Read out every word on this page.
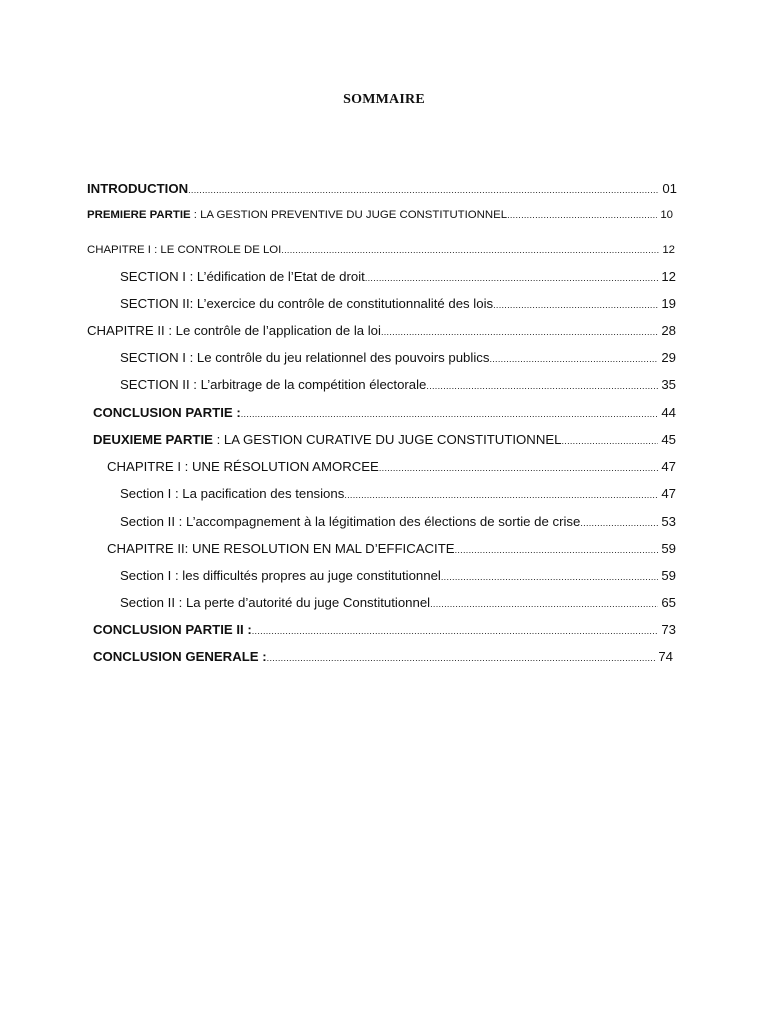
SOMMAIRE
INTRODUCTION .....	01
PREMIERE PARTIE : LA GESTION PREVENTIVE DU JUGE CONSTITUTIONNEL .....	10
CHAPITRE I : LE CONTROLE DE LOI .....	12
SECTION I : L’édification de l’Etat de droit .....	12
SECTION II: L’exercice du contrôle de constitutionnalité des lois .....	19
CHAPITRE II : Le contrôle de l’application de la loi .....	28
SECTION I : Le contrôle du jeu relationnel des pouvoirs publics .....	29
SECTION II : L’arbitrage de la compétition électorale .....	35
CONCLUSION PARTIE : .....	44
DEUXIEME PARTIE : LA GESTION CURATIVE DU JUGE CONSTITUTIONNEL .....	45
CHAPITRE I : UNE RÉSOLUTION AMORCEE .....	47
Section I : La pacification des tensions .....	47
Section II : L’accompagnement à la légitimation des élections de sortie de crise .....	53
CHAPITRE II: UNE RESOLUTION EN MAL D’EFFICACITE .....	59
Section I : les difficultés propres au juge constitutionnel .....	59
Section II : La perte d’autorité du juge Constitutionnel .....	65
CONCLUSION PARTIE II : .....	73
CONCLUSION GENERALE : .....	74
